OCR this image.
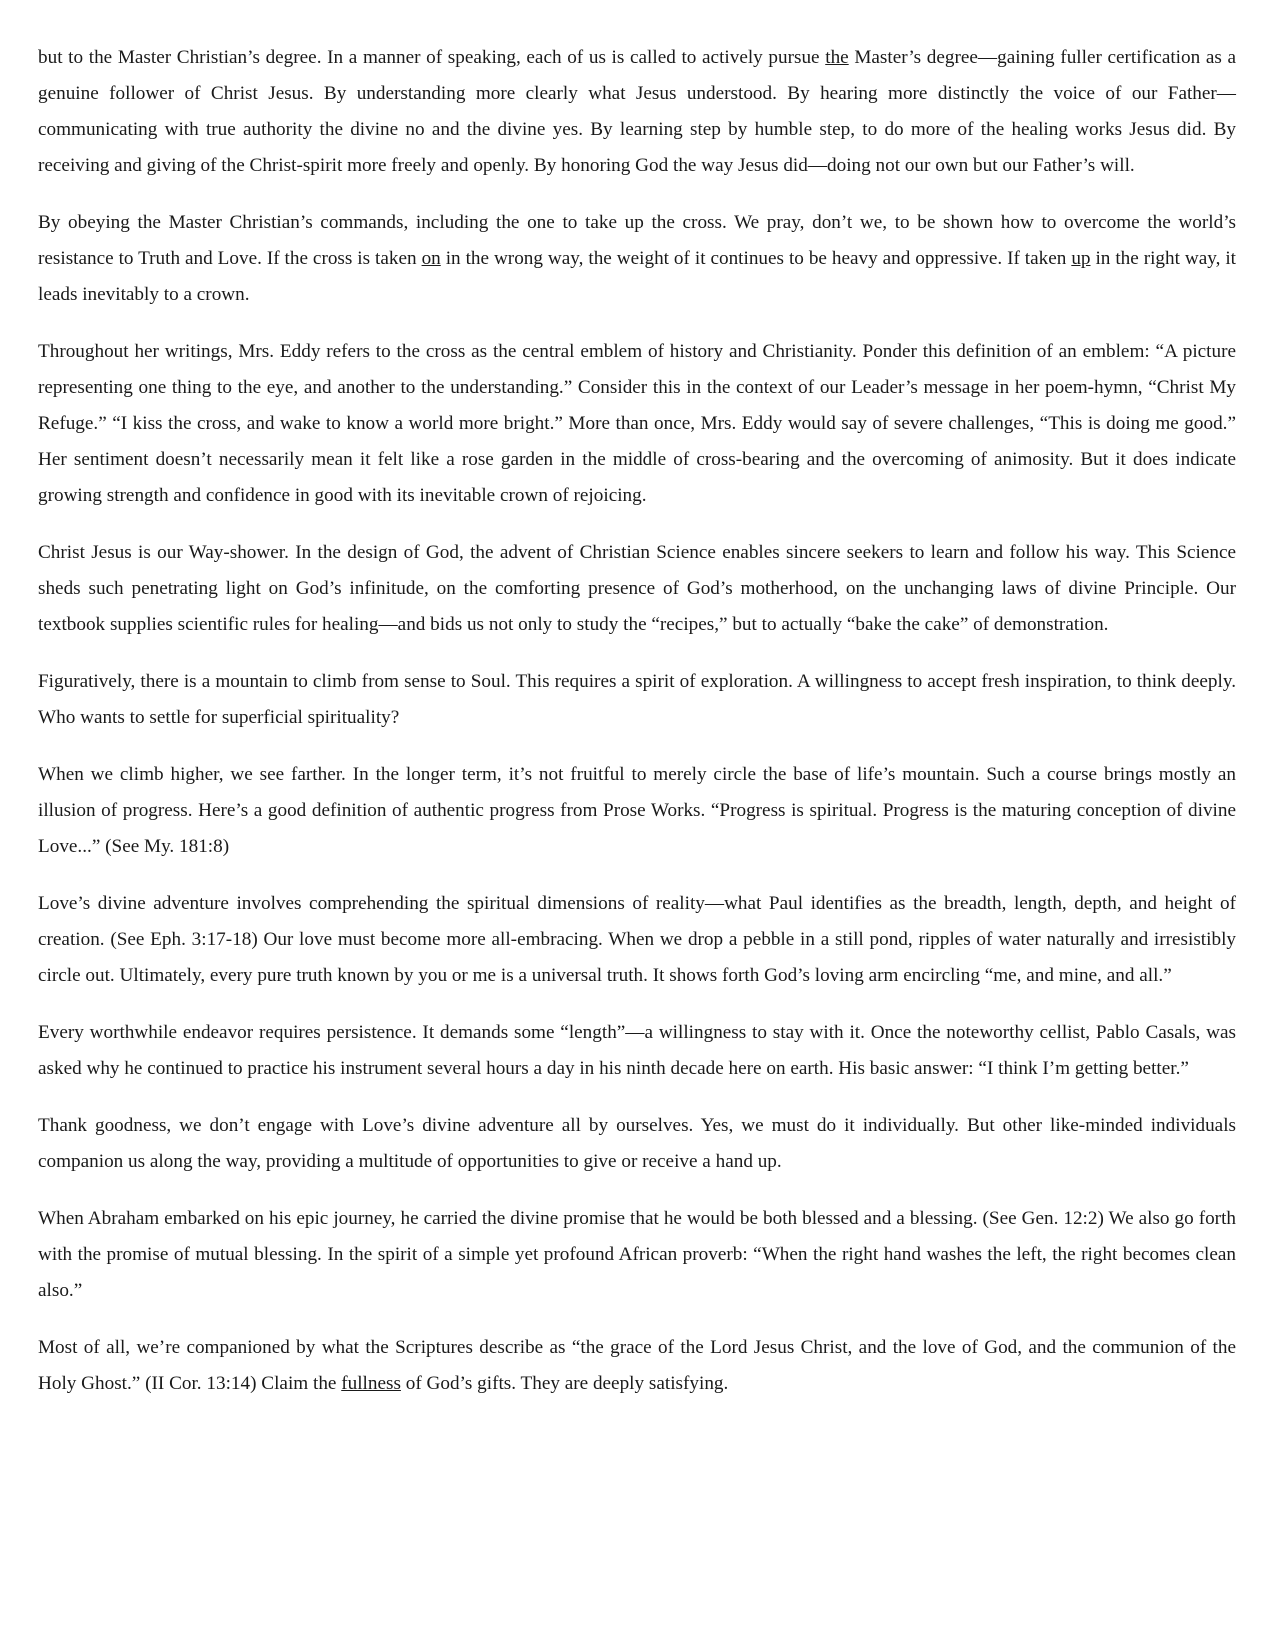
but to the Master Christian’s degree. In a manner of speaking, each of us is called to actively pursue the Master’s degree—gaining fuller certification as a genuine follower of Christ Jesus. By understanding more clearly what Jesus understood. By hearing more distinctly the voice of our Father—communicating with true authority the divine no and the divine yes. By learning step by humble step, to do more of the healing works Jesus did. By receiving and giving of the Christ-spirit more freely and openly. By honoring God the way Jesus did—doing not our own but our Father’s will.

By obeying the Master Christian’s commands, including the one to take up the cross. We pray, don’t we, to be shown how to overcome the world’s resistance to Truth and Love. If the cross is taken on in the wrong way, the weight of it continues to be heavy and oppressive. If taken up in the right way, it leads inevitably to a crown.

Throughout her writings, Mrs. Eddy refers to the cross as the central emblem of history and Christianity. Ponder this definition of an emblem: “A picture representing one thing to the eye, and another to the understanding.” Consider this in the context of our Leader’s message in her poem-hymn, “Christ My Refuge.” “I kiss the cross, and wake to know a world more bright.” More than once, Mrs. Eddy would say of severe challenges, “This is doing me good.” Her sentiment doesn’t necessarily mean it felt like a rose garden in the middle of cross-bearing and the overcoming of animosity. But it does indicate growing strength and confidence in good with its inevitable crown of rejoicing.

Christ Jesus is our Way-shower. In the design of God, the advent of Christian Science enables sincere seekers to learn and follow his way. This Science sheds such penetrating light on God’s infinitude, on the comforting presence of God’s motherhood, on the unchanging laws of divine Principle. Our textbook supplies scientific rules for healing—and bids us not only to study the “recipes,” but to actually “bake the cake” of demonstration.

Figuratively, there is a mountain to climb from sense to Soul. This requires a spirit of exploration. A willingness to accept fresh inspiration, to think deeply. Who wants to settle for superficial spirituality?

When we climb higher, we see farther. In the longer term, it’s not fruitful to merely circle the base of life’s mountain. Such a course brings mostly an illusion of progress. Here’s a good definition of authentic progress from Prose Works. “Progress is spiritual. Progress is the maturing conception of divine Love...” (See My. 181:8)

Love’s divine adventure involves comprehending the spiritual dimensions of reality—what Paul identifies as the breadth, length, depth, and height of creation. (See Eph. 3:17-18) Our love must become more all-embracing. When we drop a pebble in a still pond, ripples of water naturally and irresistibly circle out. Ultimately, every pure truth known by you or me is a universal truth. It shows forth God’s loving arm encircling “me, and mine, and all.”

Every worthwhile endeavor requires persistence. It demands some “length”—a willingness to stay with it. Once the noteworthy cellist, Pablo Casals, was asked why he continued to practice his instrument several hours a day in his ninth decade here on earth. His basic answer: “I think I’m getting better.”

Thank goodness, we don’t engage with Love’s divine adventure all by ourselves. Yes, we must do it individually. But other like-minded individuals companion us along the way, providing a multitude of opportunities to give or receive a hand up.

When Abraham embarked on his epic journey, he carried the divine promise that he would be both blessed and a blessing. (See Gen. 12:2) We also go forth with the promise of mutual blessing. In the spirit of a simple yet profound African proverb: “When the right hand washes the left, the right becomes clean also.”

Most of all, we’re companioned by what the Scriptures describe as “the grace of the Lord Jesus Christ, and the love of God, and the communion of the Holy Ghost.” (II Cor. 13:14) Claim the fullness of God’s gifts. They are deeply satisfying.
